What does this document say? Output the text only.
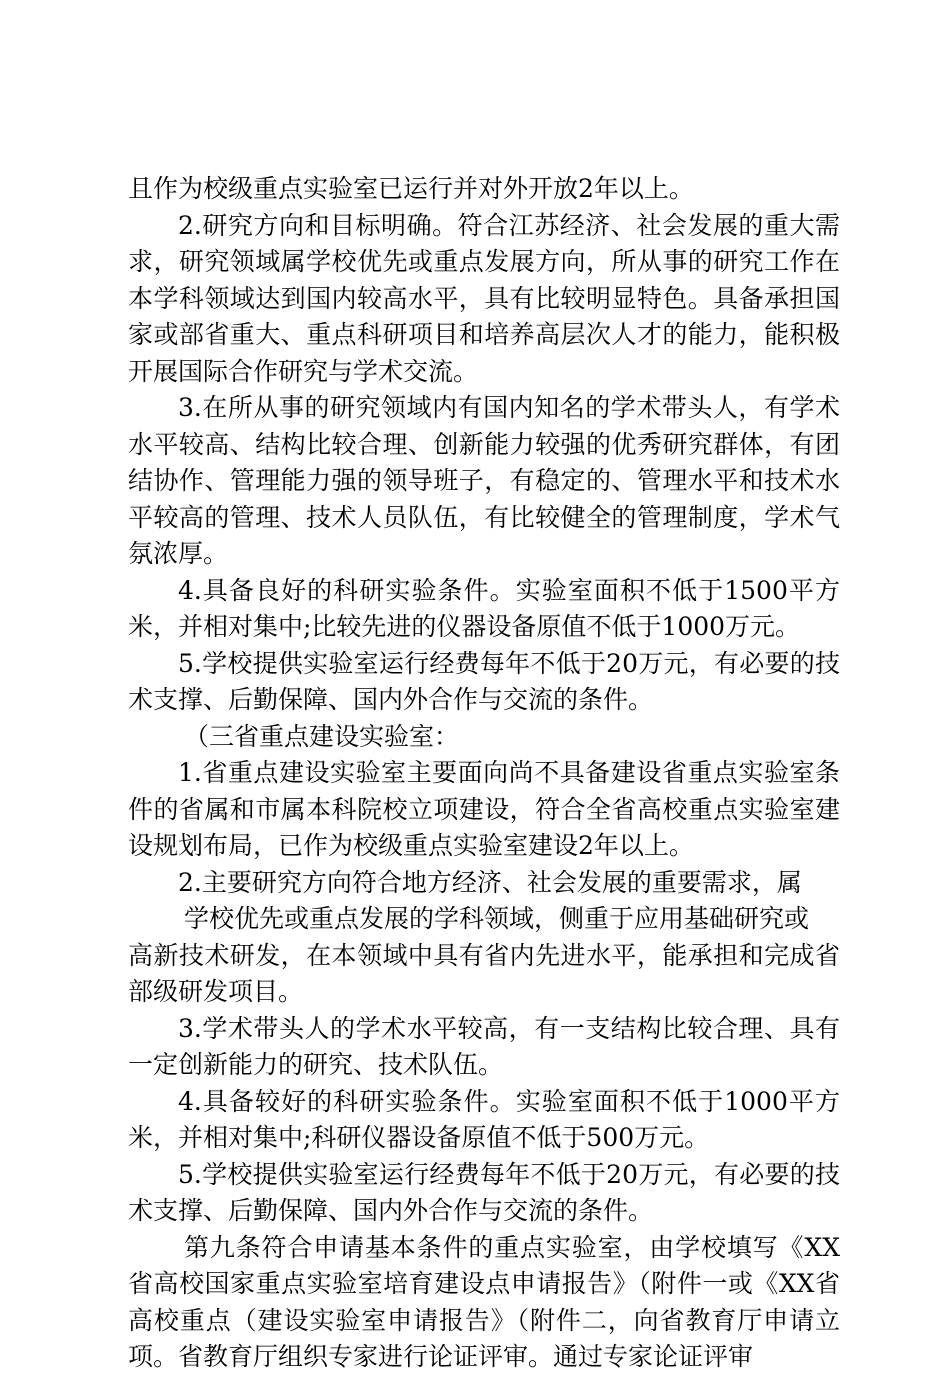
且作为校级重点实验室已运行并对外开放2年以上。

2.研究方向和目标明确。符合江苏经济、社会发展的重大需求，研究领域属学校优先或重点发展方向，所从事的研究工作在本学科领域达到国内较高水平，具有比较明显特色。具备承担国家或部省重大、重点科研项目和培养高层次人才的能力，能积极开展国际合作研究与学术交流。

3.在所从事的研究领域内有国内知名的学术带头人，有学术水平较高、结构比较合理、创新能力较强的优秀研究群体，有团结协作、管理能力强的领导班子，有稳定的、管理水平和技术水平较高的管理、技术人员队伍，有比较健全的管理制度，学术气氛浓厚。

4.具备良好的科研实验条件。实验室面积不低于1500平方米，并相对集中;比较先进的仪器设备原值不低于1000万元。

5.学校提供实验室运行经费每年不低于20万元，有必要的技术支撑、后勤保障、国内外合作与交流的条件。

（三省重点建设实验室：

1.省重点建设实验室主要面向尚不具备建设省重点实验室条件的省属和市属本科院校立项建设，符合全省高校重点实验室建设规划布局，已作为校级重点实验室建设2年以上。

2.主要研究方向符合地方经济、社会发展的重要需求，属

学校优先或重点发展的学科领域，侧重于应用基础研究或

高新技术研发，在本领域中具有省内先进水平，能承担和完成省部级研发项目。

3.学术带头人的学术水平较高，有一支结构比较合理、具有一定创新能力的研究、技术队伍。

4.具备较好的科研实验条件。实验室面积不低于1000平方米，并相对集中;科研仪器设备原值不低于500万元。

5.学校提供实验室运行经费每年不低于20万元，有必要的技术支撑、后勤保障、国内外合作与交流的条件。

第九条符合申请基本条件的重点实验室，由学校填写《XX省高校国家重点实验室培育建设点申请报告》（附件一或《XX省高校重点（建设实验室申请报告》（附件二，向省教育厅申请立项。省教育厅组织专家进行论证评审。通过专家论证评审
